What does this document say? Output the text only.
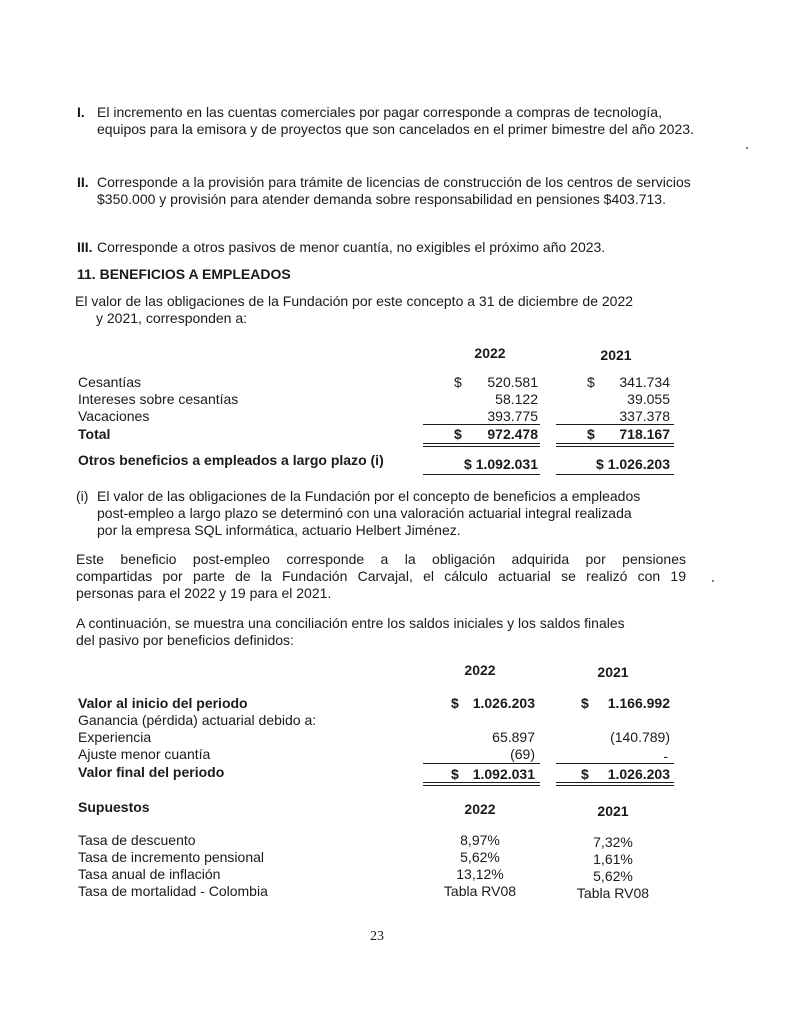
I. El incremento en las cuentas comerciales por pagar corresponde a compras de tecnología, equipos para la emisora y de proyectos que son cancelados en el primer bimestre del año 2023.
II. Corresponde a la provisión para trámite de licencias de construcción de los centros de servicios $350.000 y provisión para atender demanda sobre responsabilidad en pensiones $403.713.
III. Corresponde a otros pasivos de menor cuantía, no exigibles el próximo año 2023.
11. BENEFICIOS A EMPLEADOS
El valor de las obligaciones de la Fundación por este concepto a 31 de diciembre de 2022
y 2021, corresponden a:
2022	2021
Cesantías	$	520.581	$	341.734
Intereses sobre cesantías	58.122	39.055
Vacaciones	393.775	337.378
Total	$	972.478	$	718.167
Otros beneficios a empleados a largo plazo (i)	$ 1.092.031	$ 1.026.203
(i) El valor de las obligaciones de la Fundación por el concepto de beneficios a empleados
post-empleo a largo plazo se determinó con una valoración actuarial integral realizada
por la empresa SQL informática, actuario Helbert Jiménez.
Este beneficio post-empleo corresponde a la obligación adquirida por pensiones
compartidas por parte de la Fundación Carvajal, el cálculo actuarial se realizó con 19
personas para el 2022 y 19 para el 2021.
A continuación, se muestra una conciliación entre los saldos iniciales y los saldos finales
del pasivo por beneficios definidos:
2022	2021
Valor al inicio del periodo	$ 1.026.203	$	1.166.992
Ganancia (pérdida) actuarial debido a:
Experiencia	65.897	(140.789)
Ajuste menor cuantía	(69)	-
Valor final del periodo	$ 1.092.031	$	1.026.203
Supuestos	2022	2021
Tasa de descuento	8,97%	7,32%
Tasa de incremento pensional	5,62%	1,61%
Tasa anual de inflación	13,12%	5,62%
Tasa de mortalidad - Colombia	Tabla RV08	Tabla RV08
23
